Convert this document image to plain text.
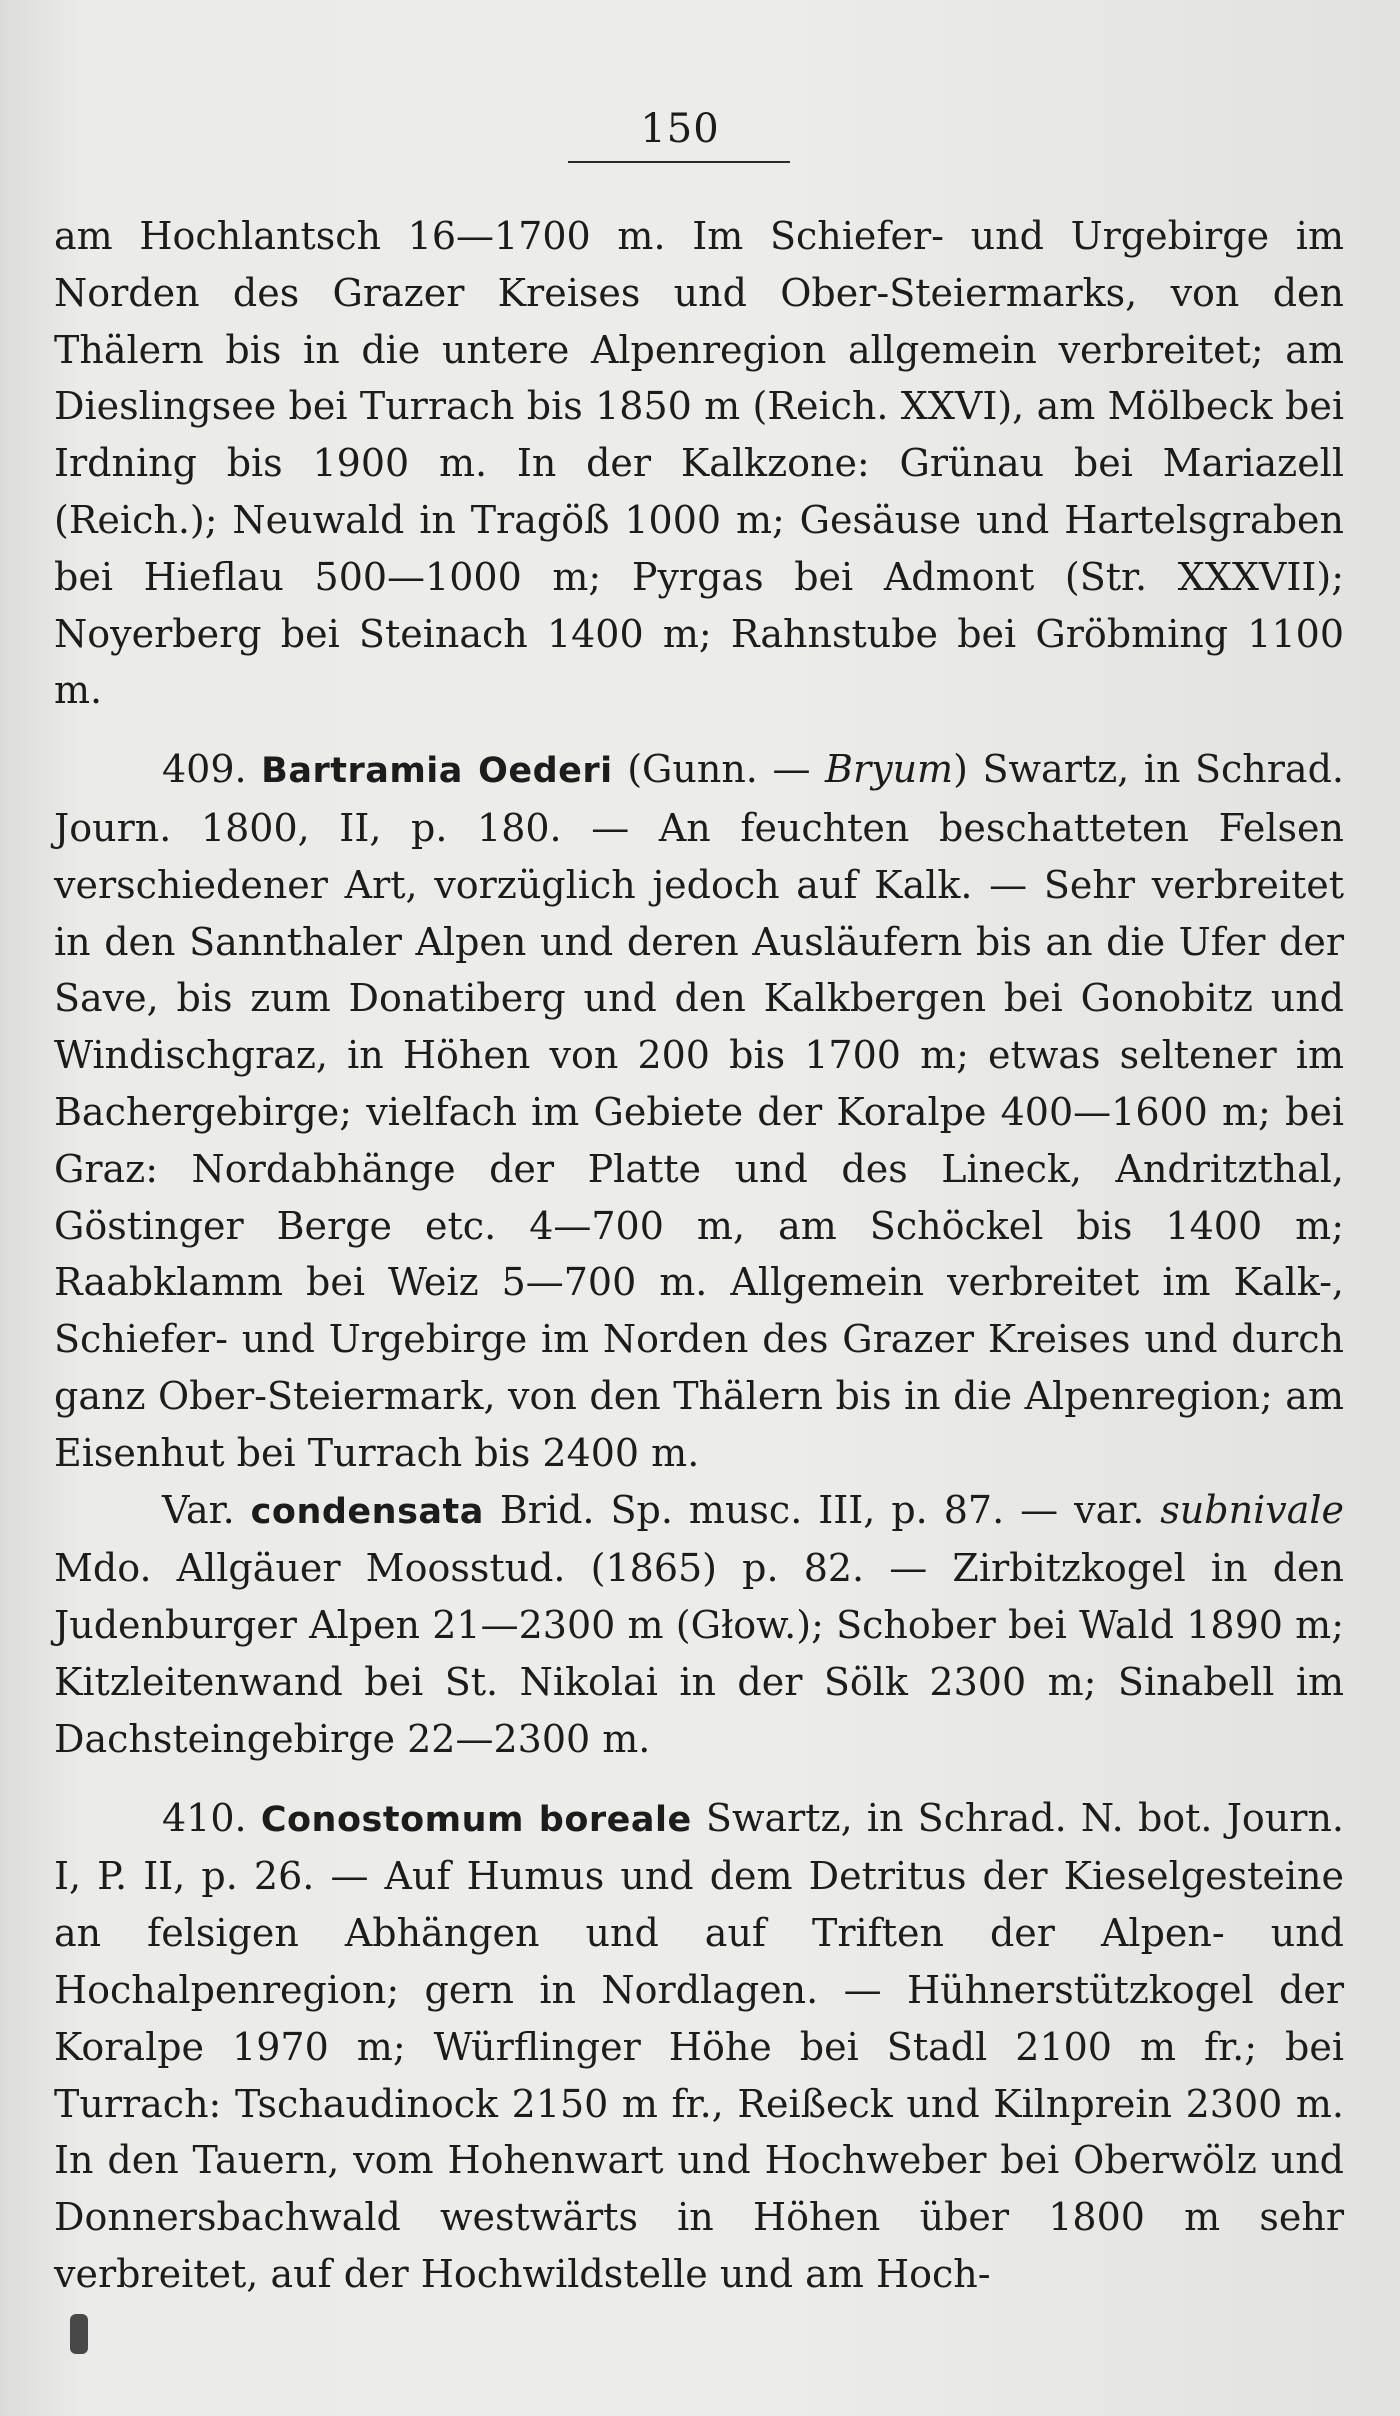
150

am Hochlantsch 16—1700 m. Im Schiefer- und Urgebirge im Norden des Grazer Kreises und Ober-Steiermarks, von den Thälern bis in die untere Alpenregion allgemein verbreitet; am Dieslingsee bei Turrach bis 1850 m (Reich. XXVI), am Mölbeck bei Irdning bis 1900 m. In der Kalkzone: Grünau bei Mariazell (Reich.); Neuwald in Tragöß 1000 m; Gesäuse und Hartelsgraben bei Hieflau 500—1000 m; Pyrgas bei Admont (Str. XXXVII); Noyerberg bei Steinach 1400 m; Rahnstube bei Gröbming 1100 m.

409. Bartramia Oederi (Gunn. — Bryum) Swartz, in Schrad. Journ. 1800, II, p. 180. — An feuchten beschatteten Felsen verschiedener Art, vorzüglich jedoch auf Kalk. — Sehr verbreitet in den Sannthaler Alpen und deren Ausläufern bis an die Ufer der Save, bis zum Donatiberg und den Kalkbergen bei Gonobitz und Windischgraz, in Höhen von 200 bis 1700 m; etwas seltener im Bachergebirge; vielfach im Gebiete der Koralpe 400—1600 m; bei Graz: Nordabhänge der Platte und des Lineck, Andritzthal, Göstinger Berge etc. 4—700 m, am Schöckel bis 1400 m; Raabklamm bei Weiz 5—700 m. Allgemein verbreitet im Kalk-, Schiefer- und Urgebirge im Norden des Grazer Kreises und durch ganz Ober-Steiermark, von den Thälern bis in die Alpenregion; am Eisenhut bei Turrach bis 2400 m.

Var. condensata Brid. Sp. musc. III, p. 87. — var. subnivale Mdo. Allgäuer Moosstud. (1865) p. 82. — Zirbitzkogel in den Judenburger Alpen 21—2300 m (Głow.); Schober bei Wald 1890 m; Kitzleitenwand bei St. Nikolai in der Sölk 2300 m; Sinabell im Dachsteingebirge 22—2300 m.

410. Conostomum boreale Swartz, in Schrad. N. bot. Journ. I, P. II, p. 26. — Auf Humus und dem Detritus der Kieselgesteine an felsigen Abhängen und auf Triften der Alpen- und Hochalpenregion; gern in Nordlagen. — Hühnerstützkogel der Koralpe 1970 m; Würflinger Höhe bei Stadl 2100 m fr.; bei Turrach: Tschaudinock 2150 m fr., Reißeck und Kilnprein 2300 m. In den Tauern, vom Hohenwart und Hochweber bei Oberwölz und Donnersbachwald westwärts in Höhen über 1800 m sehr verbreitet, auf der Hochwildstelle und am Hoch-
